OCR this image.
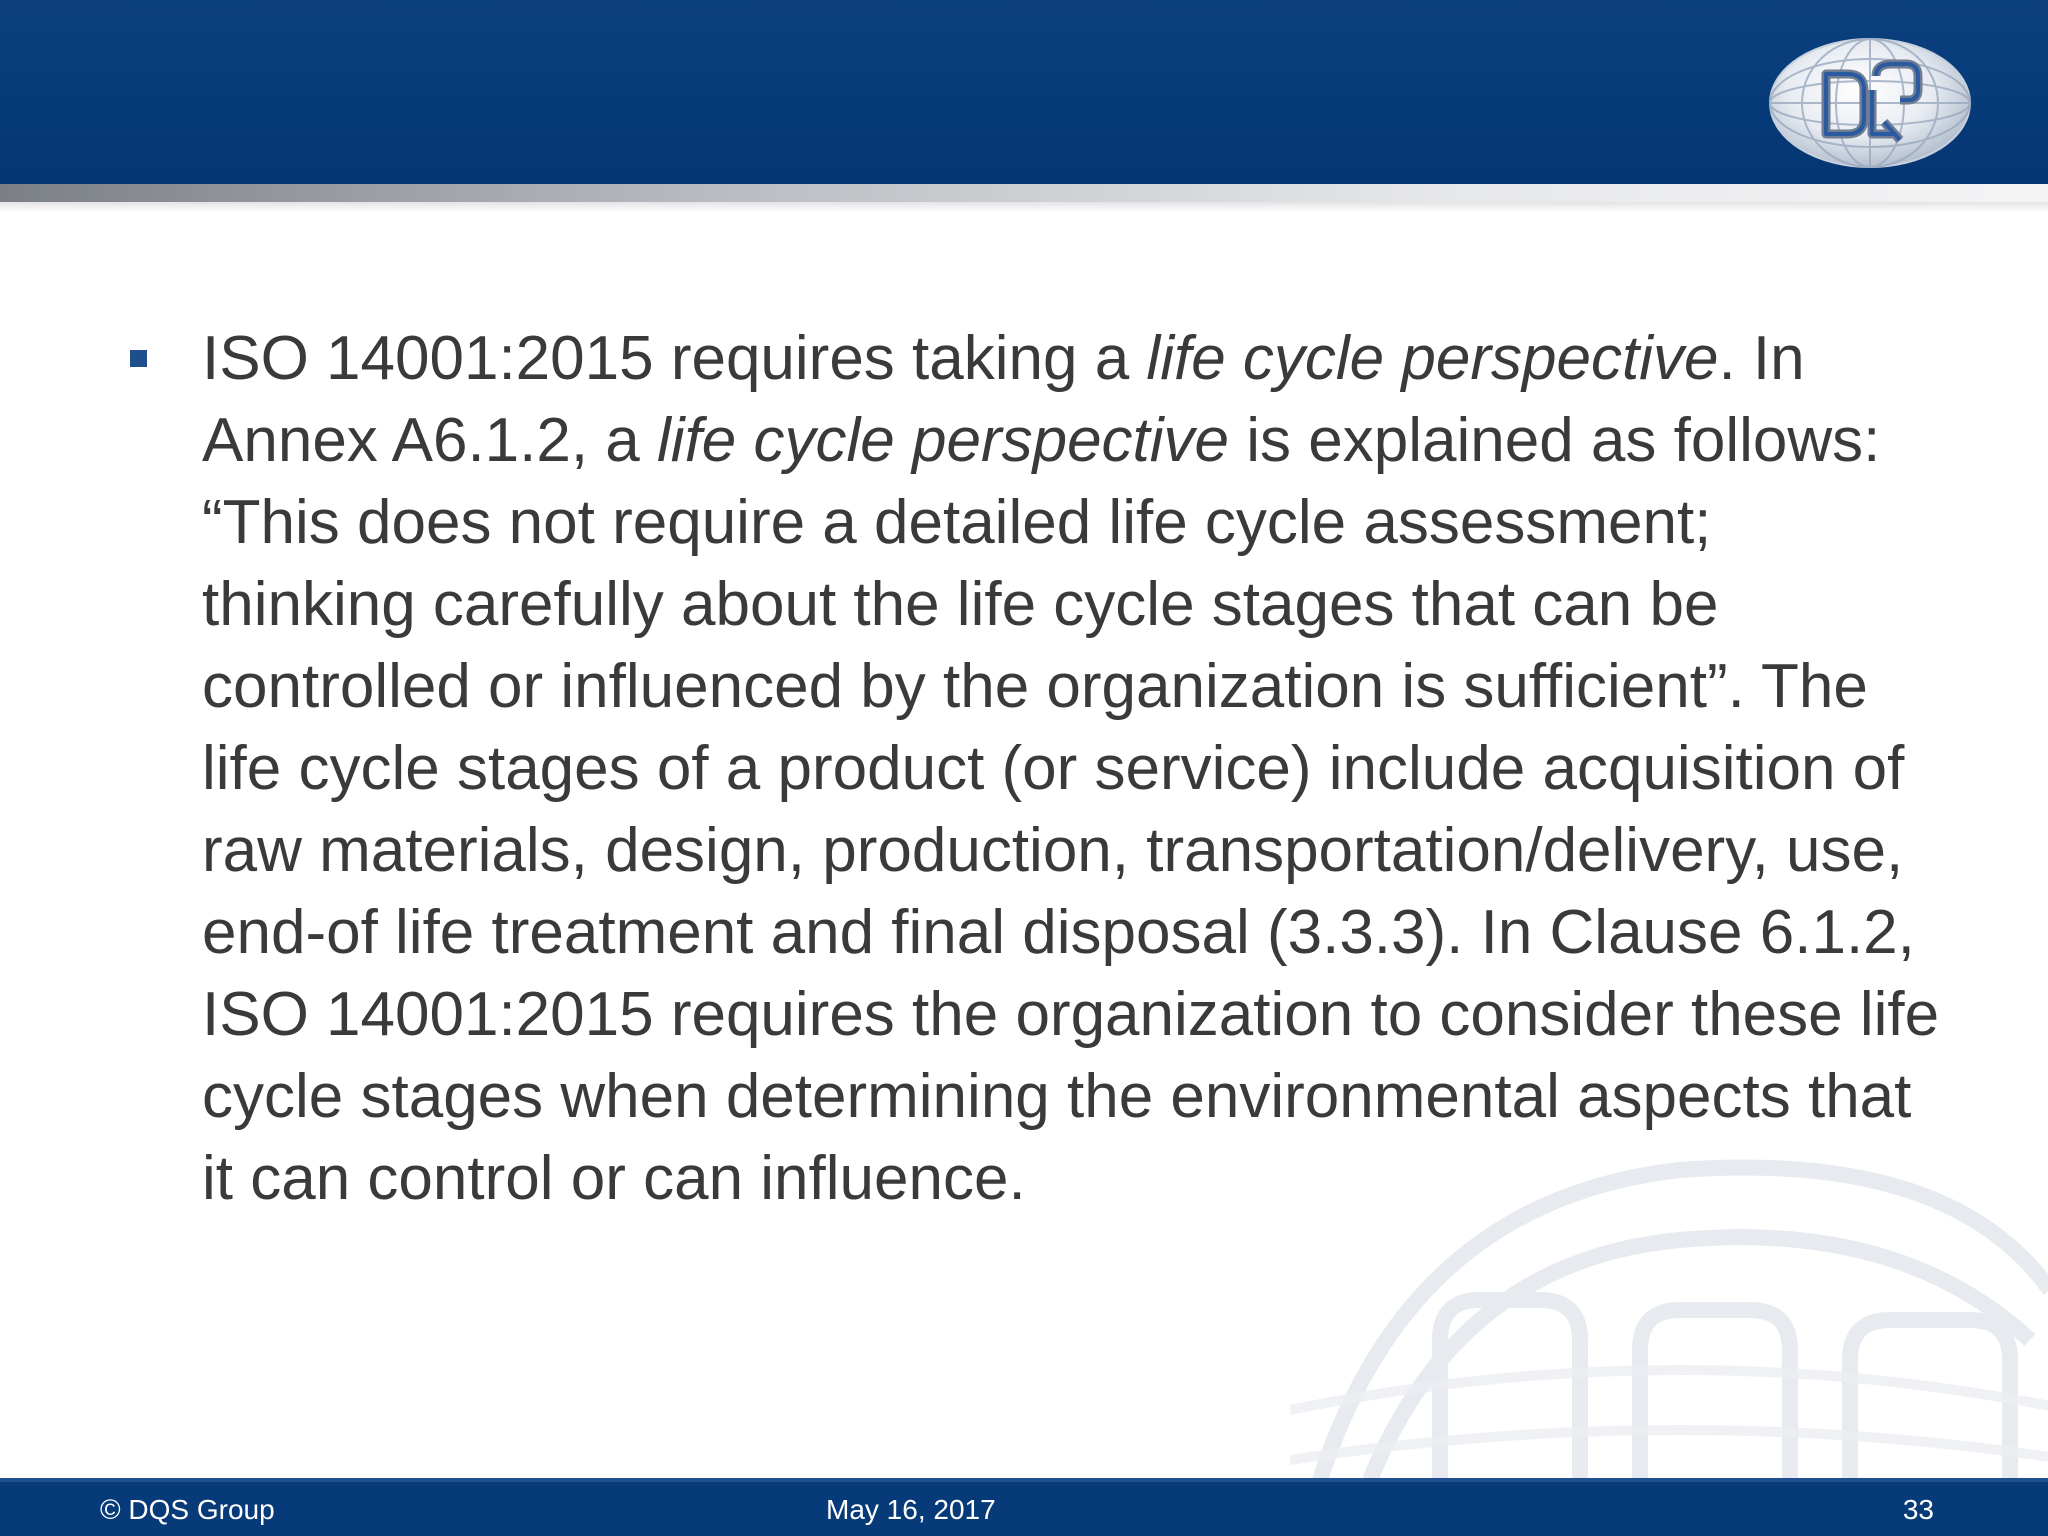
ISO 14001:2015 requires taking a life cycle perspective. In Annex A6.1.2, a life cycle perspective is explained as follows: “This does not require a detailed life cycle assessment; thinking carefully about the life cycle stages that can be controlled or influenced by the organization is sufficient”. The life cycle stages of a product (or service) include acquisition of raw materials, design, production, transportation/delivery, use, end-of life treatment and final disposal (3.3.3). In Clause 6.1.2, ISO 14001:2015 requires the organization to consider these life cycle stages when determining the environmental aspects that it can control or can influence.
© DQS Group	May 16, 2017	33
